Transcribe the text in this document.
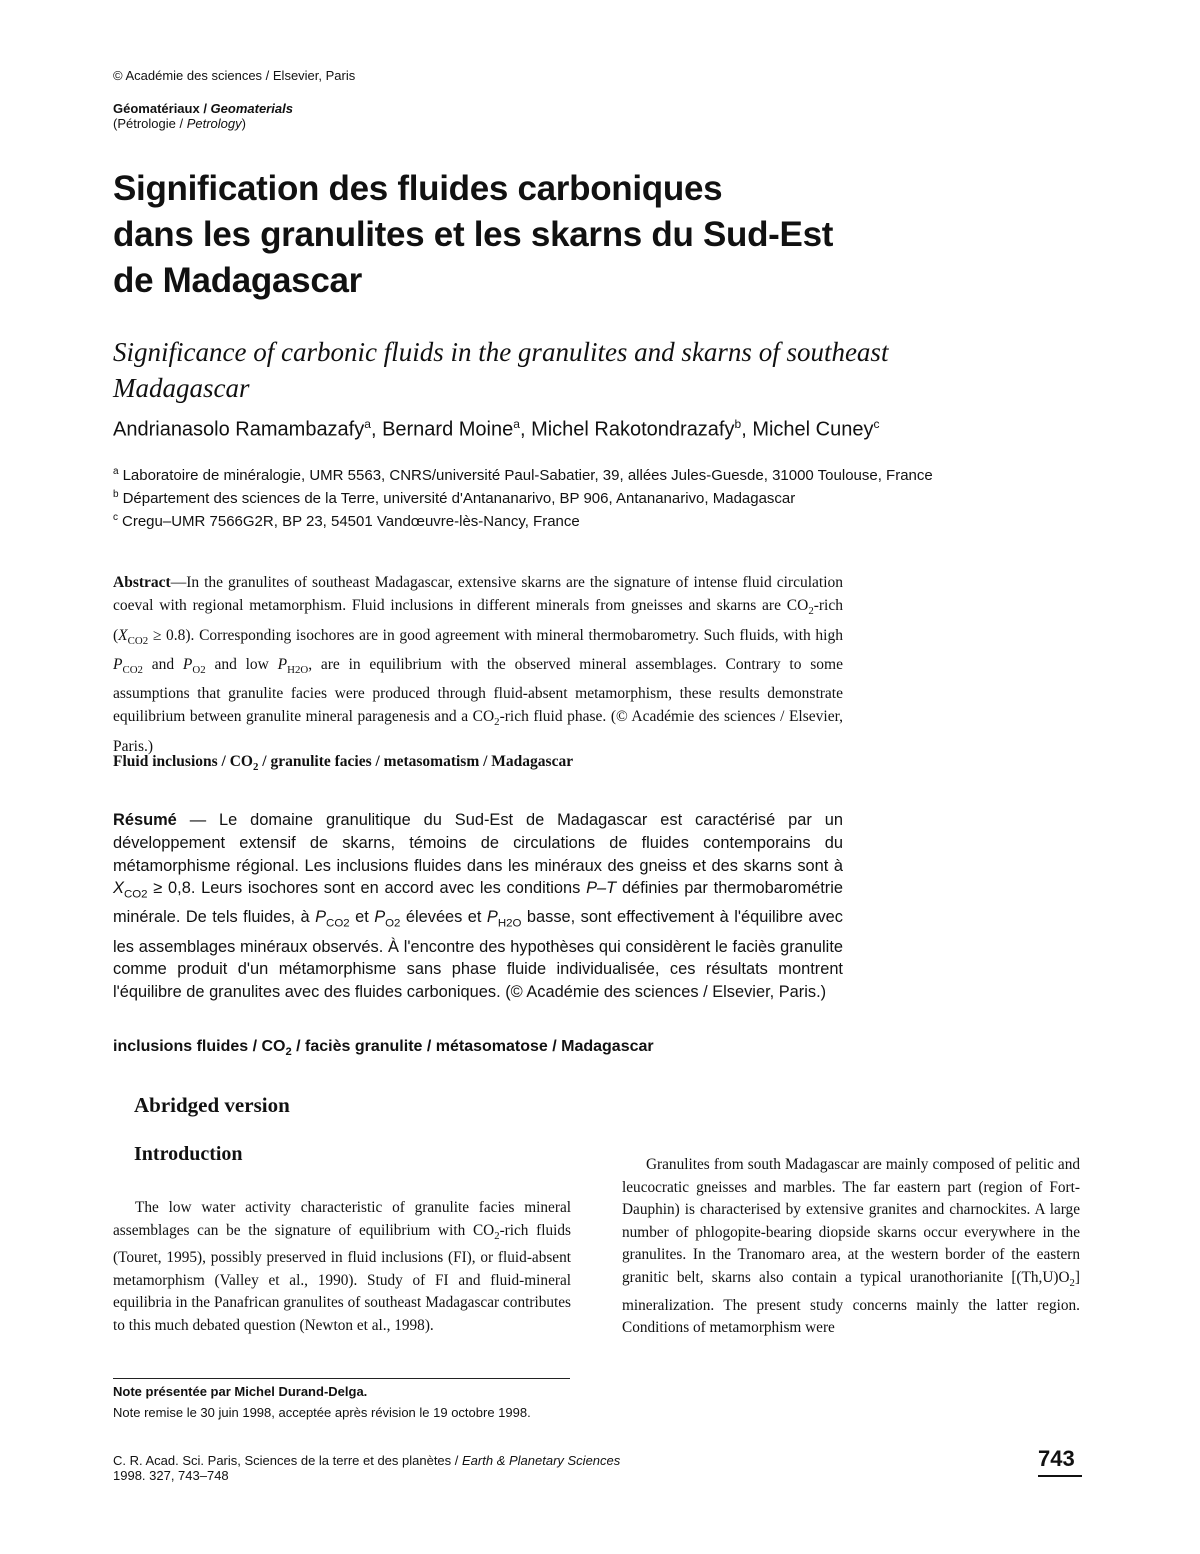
© Académie des sciences / Elsevier, Paris
Géomatériaux / Geomaterials
(Pétrologie / Petrology)
Signification des fluides carboniques
dans les granulites et les skarns du Sud-Est
de Madagascar
Significance of carbonic fluids in the granulites and skarns of southeast
Madagascar
Andrianasolo Ramambazafy$^a$, Bernard Moine$^a$, Michel Rakotondrazafy$^b$, Michel Cuney$^c$
$^a$ Laboratoire de minéralogie, UMR 5563, CNRS/université Paul-Sabatier, 39, allées Jules-Guesde, 31000 Toulouse, France
$^b$ Département des sciences de la Terre, université d'Antananarivo, BP 906, Antananarivo, Madagascar
$^c$ Cregu–UMR 7566G2R, BP 23, 54501 Vandœuvre-lès-Nancy, France
Abstract—In the granulites of southeast Madagascar, extensive skarns are the signature of intense fluid circulation coeval with regional metamorphism. Fluid inclusions in different minerals from gneisses and skarns are $CO_2$-rich $(X_{CO2} \ge 0.8)$. Corresponding isochores are in good agreement with mineral thermobarometry. Such fluids, with high $P_{CO2}$ and $P_{O2}$ and low $P_{H2O}$, are in equilibrium with the observed mineral assemblages. Contrary to some assumptions that granulite facies were produced through fluid-absent metamorphism, these results demonstrate equilibrium between granulite mineral paragenesis and a $CO_2$-rich fluid phase. (© Académie des sciences / Elsevier, Paris.)
Fluid inclusions / $CO_2$ / granulite facies / metasomatism / Madagascar
Résumé — Le domaine granulitique du Sud-Est de Madagascar est caractérisé par un développement extensif de skarns, témoins de circulations de fluides contemporains du métamorphisme régional. Les inclusions fluides dans les minéraux des gneiss et des skarns sont à $X_{CO2} \ge 0,8$. Leurs isochores sont en accord avec les conditions P–T définies par thermobarométrie minérale. De tels fluides, à $P_{CO2}$ et $P_{O2}$ élevées et $P_{H2O}$ basse, sont effectivement à l'équilibre avec les assemblages minéraux observés. À l'encontre des hypothèses qui considèrent le faciès granulite comme produit d'un métamorphisme sans phase fluide individualisée, ces résultats montrent l'équilibre de granulites avec des fluides carboniques. (© Académie des sciences / Elsevier, Paris.)
inclusions fluides / $CO_2$ / faciès granulite / métasomatose / Madagascar
Abridged version
Introduction
The low water activity characteristic of granulite facies mineral assemblages can be the signature of equilibrium with $CO_2$-rich fluids (Touret, 1995), possibly preserved in fluid inclusions (FI), or fluid-absent metamorphism (Valley et al., 1990). Study of FI and fluid-mineral equilibria in the Panafrican granulites of southeast Madagascar contributes to this much debated question (Newton et al., 1998).
Granulites from south Madagascar are mainly composed of pelitic and leucocratic gneisses and marbles. The far eastern part (region of Fort-Dauphin) is characterised by extensive granites and charnockites. A large number of phlogopite-bearing diopside skarns occur everywhere in the granulites. In the Tranomaro area, at the western border of the eastern granitic belt, skarns also contain a typical uranothorianite $[(Th,U)O_2]$ mineralization. The present study concerns mainly the latter region. Conditions of metamorphism were
Note présentée par Michel Durand-Delga.
Note remise le 30 juin 1998, acceptée après révision le 19 octobre 1998.
C. R. Acad. Sci. Paris, Sciences de la terre et des planètes / Earth & Planetary Sciences
1998. 327, 743–748
743
